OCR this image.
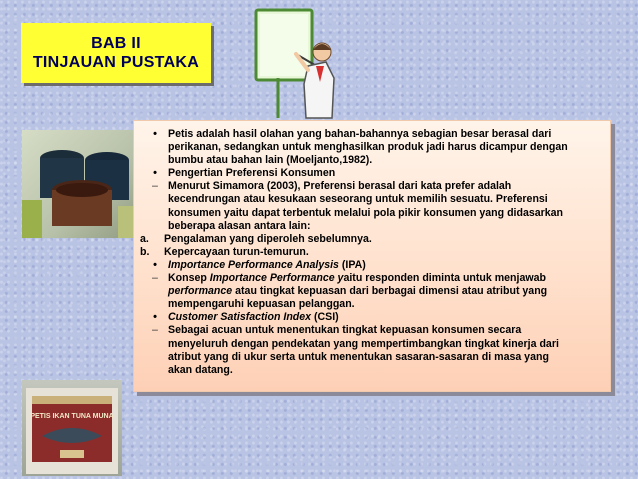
BAB II
TINJAUAN PUSTAKA
PETIS IKAN TUNA MUNA
•	Petis adalah hasil olahan yang bahan-bahannya sebagian besar berasal dari
perikanan, sedangkan untuk menghasilkan produk jadi harus dicampur dengan
bumbu atau bahan lain (Moeljanto,1982).
•	Pengertian Preferensi Konsumen
– Menurut Simamora (2003), Preferensi berasal dari kata prefer adalah
kecendrungan atau kesukaan seseorang untuk memilih sesuatu. Preferensi
konsumen yaitu dapat terbentuk melalui pola pikir konsumen yang didasarkan
beberapa alasan antara lain:
a.	Pengalaman yang diperoleh sebelumnya.
b.	Kepercayaan turun-temurun.
•	Importance Performance Analysis (IPA)
– Konsep Importance Performance yaitu responden diminta untuk menjawab
performance atau tingkat kepuasan dari berbagai dimensi atau atribut yang
mempengaruhi kepuasan pelanggan.
•	Customer Satisfaction Index (CSI)
– Sebagai acuan untuk menentukan tingkat kepuasan konsumen secara
menyeluruh dengan pendekatan yang mempertimbangkan tingkat kinerja dari
atribut yang di ukur serta untuk menentukan sasaran-sasaran di masa yang
akan datang.
